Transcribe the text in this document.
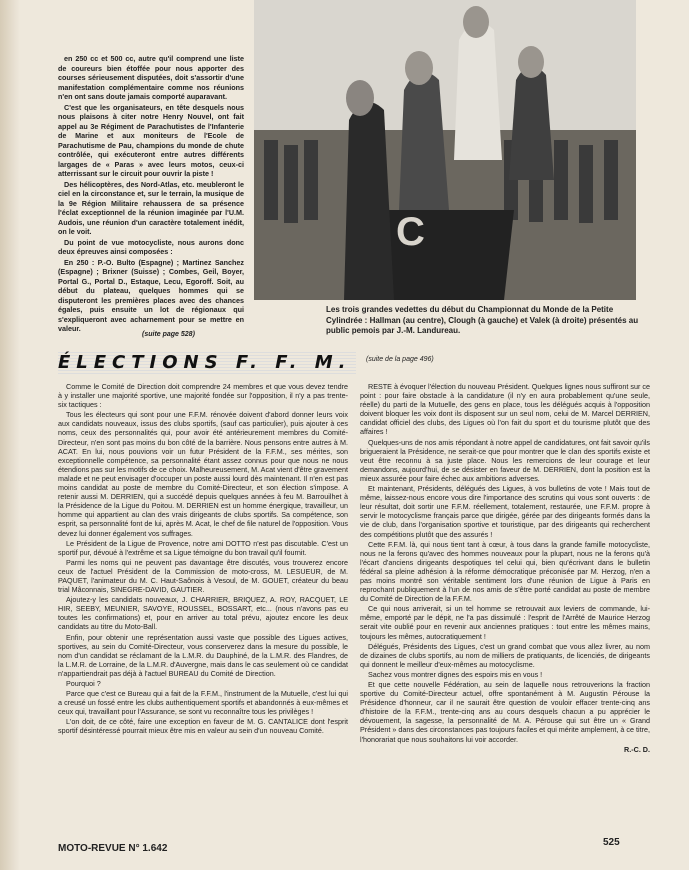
en 250 cc et 500 cc, autre qu'il comprend une liste de coureurs bien étoffée pour nous apporter des courses sérieusement disputées, doit s'assortir d'une manifestation complémentaire comme nos réunions n'en ont sans doute jamais comporté auparavant.

C'est que les organisateurs, en tête desquels nous nous plaisons à citer notre Henry Nouvel, ont fait appel au 3e Régiment de Parachutistes de l'Infanterie de Marine et aux moniteurs de l'Ecole de Parachutisme de Pau, champions du monde de chute contrôlée, qui exécuteront entre autres différents largages de « Paras » avec leurs motos, ceux-ci atterrissant sur le circuit pour ouvrir la piste !

Des hélicoptères, des Nord-Atlas, etc. meubleront le ciel en la circonstance et, sur le terrain, la musique de la 9e Région Militaire rehaussera de sa présence l'éclat exceptionnel de la réunion imaginée par l'U.M. Audois, une réunion d'un caractère totalement inédit, on le voit.

Du point de vue motocycliste, nous aurons donc deux épreuves ainsi composées :

En 250 : P.-O. Bulto (Espagne) ; Martinez Sanchez (Espagne) ; Brixner (Suisse) ; Combes, Geil, Boyer, Portal G., Portal D., Estaque, Lecu, Egoroff. Soit, au début du plateau, quelques hommes qui se disputeront les premières places avec des chances égales, puis ensuite un lot de régionaux qui s'expliqueront avec acharnement pour se mettre en valeur.

(suite page 528)
C
Les trois grandes vedettes du début du Championnat du Monde de la Petite Cylindrée : Hallman (au centre), Clough (à gauche) et Valek (à droite) présentés au public pemois par J.-M. Landureau.
ÉLECTIONS F. F. M. (suite de la page 496)

Comme le Comité de Direction doit comprendre 24 membres et que vous devez tendre à y installer une majorité sportive, une majorité fondée sur l'opposition, il n'y a pas trente-six tactiques :

Tous les électeurs qui sont pour une F.F.M. rénovée doivent d'abord donner leurs voix aux candidats nouveaux, issus des clubs sportifs, (sauf cas particulier), puis ajouter à ces noms, ceux des personnalités qui, pour avoir été antérieurement membres du Comité-Directeur, n'en sont pas moins du bon côté de la barrière. Nous pensons entre autres à M. ACAT. En lui, nous pouvions voir un futur Président de la F.F.M., ses mérites, son exceptionnelle compétence, sa personnalité étant assez connus pour que nous ne nous étendions pas sur les motifs de ce choix. Malheureusement, M. Acat vient d'être gravement malade et ne peut envisager d'occuper un poste aussi lourd dès maintenant. Il n'en est pas moins candidat au poste de membre du Comité-Directeur, et son élection s'impose. A retenir aussi M. DERRIEN, qui a succédé depuis quelques années à feu M. Barrouilhet à la Présidence de la Ligue du Poitou. M. DERRIEN est un homme énergique, travailleur, un homme qui appartient au clan des vrais dirigeants de clubs sportifs. Sa compétence, son esprit, sa personnalité font de lui, après M. Acat, le chef de file naturel de l'opposition. Vous devez lui donner également vos suffrages.

Le Président de la Ligue de Provence, notre ami DOTTO n'est pas discutable. C'est un sportif pur, dévoué à l'extrême et sa Ligue témoigne du bon travail qu'il fournit.

Parmi les noms qui ne peuvent pas davantage être discutés, vous trouverez encore ceux de l'actuel Président de la Commission de moto-cross, M. LESUEUR, de M. PAQUET, l'animateur du M. C. Haut-Saônois à Vesoul, de M. GOUET, créateur du beau trial Mâconnais, SINEGRE-DAVID, GAUTIER.

Ajoutez-y les candidats nouveaux, J. CHARRIER, BRIQUEZ, A. ROY, RACQUET, LE HIR, SEEBY, MEUNIER, SAVOYE, ROUSSEL, BOSSART, etc... (nous n'avons pas eu toutes les confirmations) et, pour en arriver au total prévu, ajoutez encore les deux candidats au titre du Moto-Ball.

Enfin, pour obtenir une représentation aussi vaste que possible des Ligues actives, sportives, au sein du Comité-Directeur, vous conserverez dans la mesure du possible, le nom d'un candidat se réclamant de la L.M.R. du Dauphiné, de la L.M.R. des Flandres, de la L.M.R. de Lorraine, de la L.M.R. d'Auvergne, mais dans le cas seulement où ce candidat n'appartiendrait pas déjà à l'actuel BUREAU du Comité de Direction.

Pourquoi ?

Parce que c'est ce Bureau qui a fait de la F.F.M., l'instrument de la Mutuelle, c'est lui qui a creusé un fossé entre les clubs authentiquement sportifs et abandonnés à eux-mêmes et ceux qui, travaillant pour l'Assurance, se sont vu reconnaître tous les privilèges !

L'on doit, de ce côté, faire une exception en faveur de M. G. CANTALICE dont l'esprit sportif désintéressé pourrait mieux être mis en valeur au sein d'un nouveau Comité.

RESTE à évoquer l'élection du nouveau Président. Quelques lignes nous suffiront sur ce point : pour faire obstacle à la candidature (il n'y en aura probablement qu'une seule, réelle) du parti de la Mutuelle, des gens en place, tous les délégués acquis à l'opposition doivent bloquer les voix dont ils disposent sur un seul nom, celui de M. Marcel DERRIEN, candidat officiel des clubs, des Ligues où l'on fait du sport et du tourisme plutôt que des affaires !

Quelques-uns de nos amis répondant à notre appel de candidatures, ont fait savoir qu'ils brigueraient la Présidence, ne serait-ce que pour montrer que le clan des sportifs existe et veut être reconnu à sa juste place. Nous les remercions de leur courage et leur demandons, aujourd'hui, de se désister en faveur de M. DERRIEN, dont la position est la mieux assurée pour faire échec aux ambitions adverses.

Et maintenant, Présidents, délégués des Ligues, à vos bulletins de vote ! Mais tout de même, laissez-nous encore vous dire l'importance des scrutins qui vous sont ouverts : de leur résultat, doit sortir une F.F.M. réellement, totalement, restaurée, une F.F.M. propre à servir le motocyclisme français parce que dirigée, gérée par des dirigeants formés dans la vie de club, dans l'organisation sportive et touristique, par des dirigeants qui recherchent des compétitions plutôt que des assurés !

Cette F.F.M. là, qui nous tient tant à cœur, à tous dans la grande famille motocycliste, nous ne la ferons qu'avec des hommes nouveaux pour la plupart, nous ne la ferons qu'à l'écart d'anciens dirigeants despotiques tel celui qui, bien qu'écrivant dans le bulletin fédéral sa pleine adhésion à la réforme démocratique préconisée par M. Herzog, n'en a pas moins montré son véritable sentiment lors d'une réunion de Ligue à Paris en reprochant publiquement à l'un de nos amis de s'être porté candidat au poste de membre du Comité de Direction de la F.F.M.

Ce qui nous arriverait, si un tel homme se retrouvait aux leviers de commande, lui-même, emporté par le dépit, ne l'a pas dissimulé : l'esprit de l'Arrêté de Maurice Herzog serait vite oublié pour en revenir aux anciennes pratiques : tout entre les mêmes mains, toujours les mêmes, autocratiquement !

Délégués, Présidents des Ligues, c'est un grand combat que vous allez livrer, au nom de dizaines de clubs sportifs, au nom de milliers de pratiquants, de licenciés, de dirigeants qui donnent le meilleur d'eux-mêmes au motocyclisme.

Sachez vous montrer dignes des espoirs mis en vous !

Et que cette nouvelle Fédération, au sein de laquelle nous retrouverions la fraction sportive du Comité-Directeur actuel, offre spontanément à M. Augustin Pérouse la Présidence d'honneur, car il ne saurait être question de vouloir effacer trente-cinq ans d'histoire de la F.F.M., trente-cinq ans au cours desquels chacun a pu apprécier le dévouement, la sagesse, la personnalité de M. A. Pérouse qui sut être un « Grand Président » dans des circonstances pas toujours faciles et qui mérite amplement, à ce titre, l'honorariat que nous souhaitons lui voir accorder.

R.-C. D.

MOTO-REVUE N° 1.642
525
